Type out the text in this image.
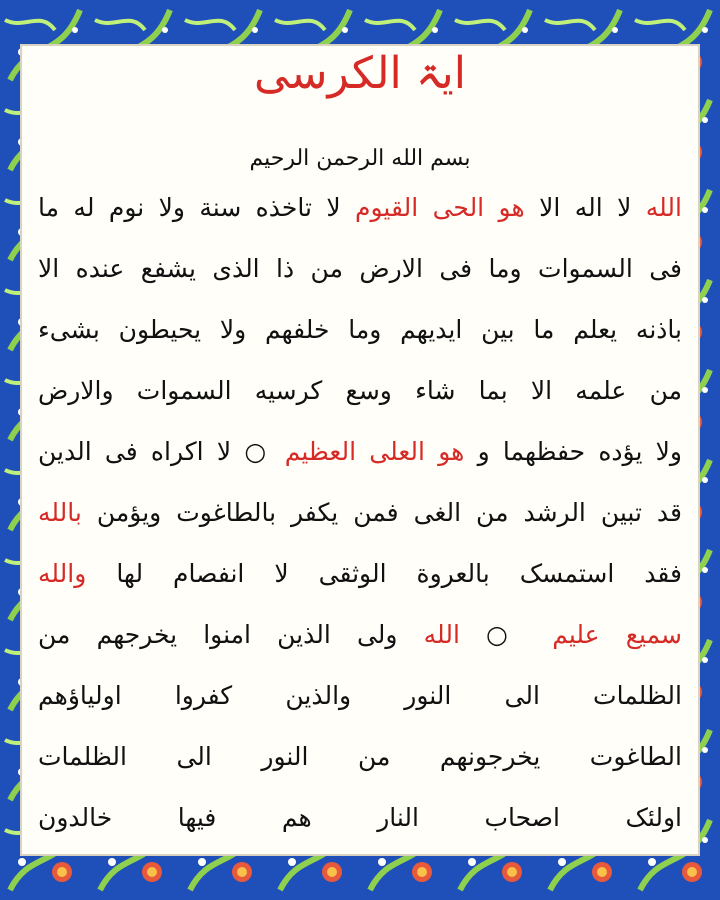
ایۃ الکرسی
بسم الله الرحمن الرحیم
الله لا اله الا هو الحی القیوم لا تاخذه سنة ولا نوم له ما
فی السموات وما فی الارض من ذا الذی یشفع عنده الا
باذنه یعلم ما بین ایدیهم وما خلفهم ولا یحیطون بشیء
من علمه الا بما شاء وسع کرسیه السموات والارض
ولا یؤده حفظهما و هو العلی العظیم ○ لا اکراه فی الدین
قد تبین الرشد من الغی فمن یکفر بالطاغوت ویؤمن بالله
فقد استمسک بالعروة الوثقی لا انفصام لها والله
سمیع علیم ○ الله ولی الذین امنوا یخرجهم من
الظلمات الی النور والذین کفروا اولیاؤهم
الطاغوت یخرجونهم من النور الی الظلمات
اولئک اصحاب النار هم فیها خالدون
